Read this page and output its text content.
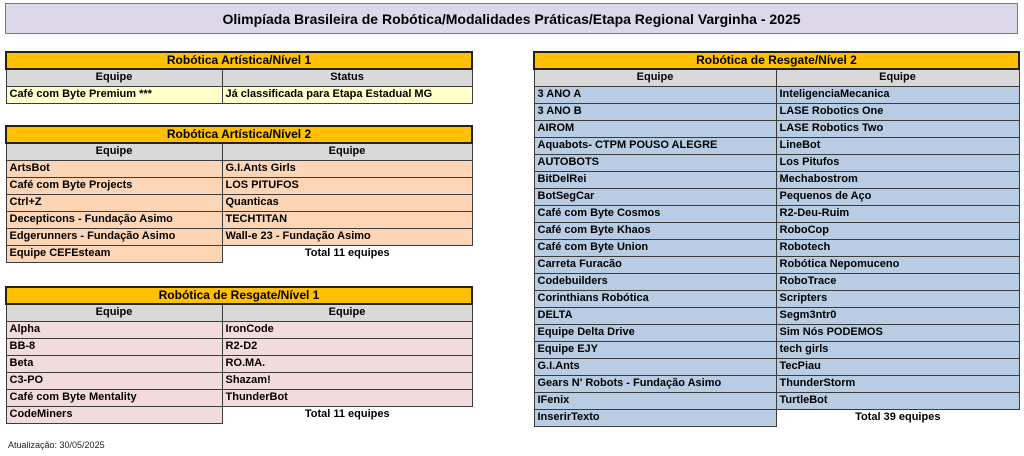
Olimpíada Brasileira de Robótica/Modalidades Práticas/Etapa Regional Varginha - 2025
Robótica Artística/Nível 1	
Equipe	Status
Café com Byte Premium ***	Já classificada para Etapa Estadual MG
Robótica Artística/Nível 2	
Equipe	Equipe
ArtsBot	G.I.Ants Girls
Café com Byte Projects	LOS PITUFOS
Ctrl+Z	Quanticas
Decepticons - Fundação Asimo	TECHTITAN
Edgerunners - Fundação Asimo	Wall-e 23 - Fundação Asimo
Equipe CEFEsteam	Total 11 equipes
Robótica de Resgate/Nível 1	
Equipe	Equipe
Alpha	IronCode
BB-8	R2-D2
Beta	RO.MA.
C3-PO	Shazam!
Café com Byte Mentality	ThunderBot
CodeMiners	Total 11 equipes
Robótica de Resgate/Nível 2	
Equipe	Equipe
3 ANO A	InteligenciaMecanica
3 ANO B	LASE Robotics One
AIROM	LASE Robotics Two
Aquabots- CTPM POUSO ALEGRE	LineBot
AUTOBOTS	Los Pitufos
BitDelRei	Mechabostrom
BotSegCar	Pequenos de Aço
Café com Byte Cosmos	R2-Deu-Ruim
Café com Byte Khaos	RoboCop
Café com Byte Union	Robotech
Carreta Furacão	Robótica Nepomuceno
Codebuilders	RoboTrace
Corinthians Robótica	Scripters
DELTA	Segm3ntr0
Equipe Delta Drive	Sim Nós PODEMOS
Equipe EJY	tech girls
G.I.Ants	TecPiau
Gears N' Robots - Fundação Asimo	ThunderStorm
IFenix	TurtleBot
InserirTexto	Total 39 equipes
Atualização: 30/05/2025
